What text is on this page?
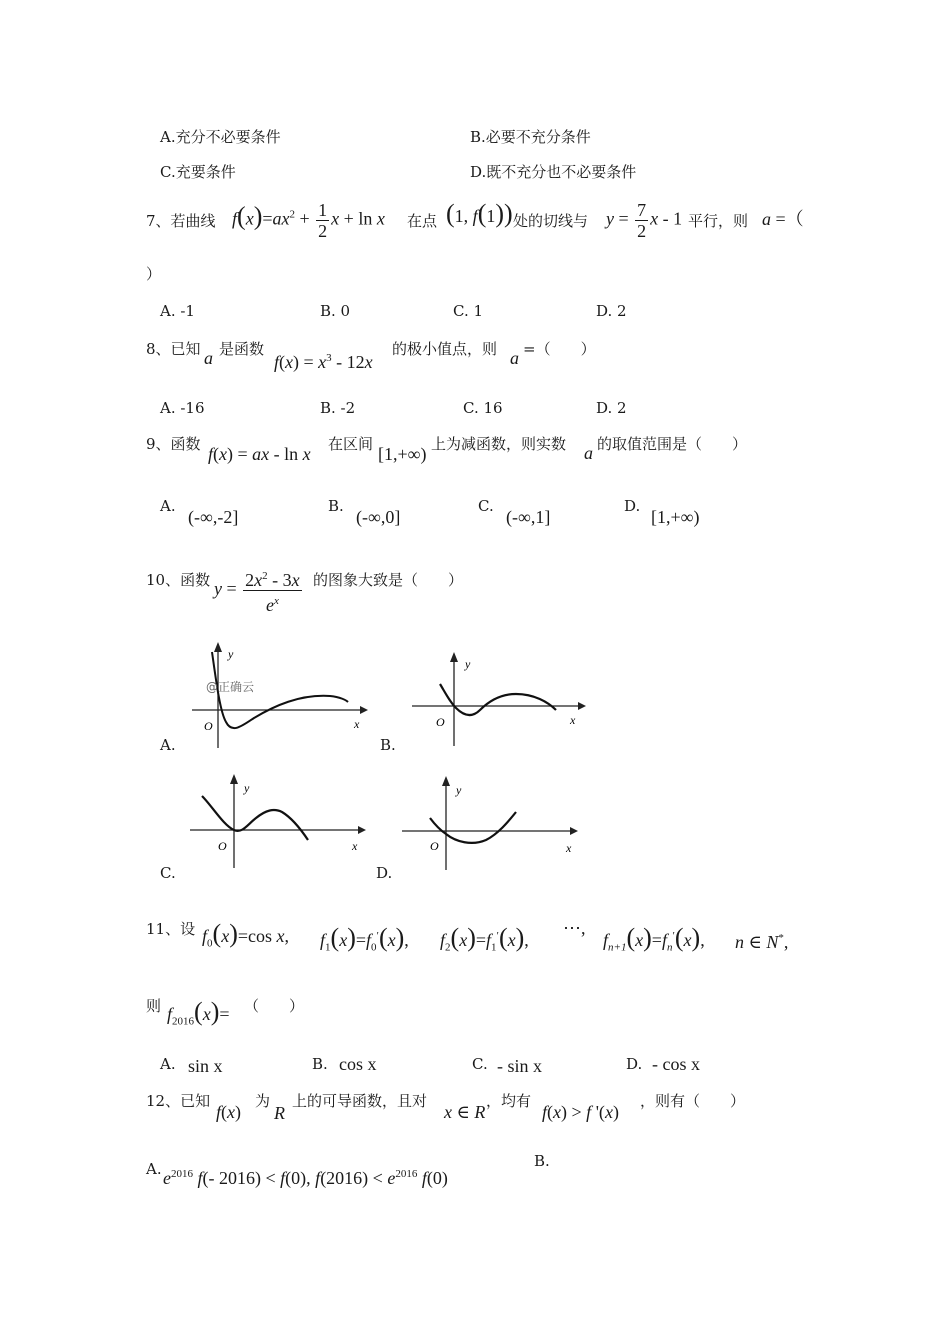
A.充分不必要条件	B.必要不充分条件
C.充要条件	D.既不充分也不必要条件
7、若曲线 $f(x)=ax^2 + \frac{1}{2}$ x + ln x 在点 (1, f(1)) 处的切线与 $y = \frac{7}{2}$ x - 1 平行，则 a =（
）
A. -1	B. 0	C. 1	D. 2
8、已知 a 是函数
$f(x) = x^3 - 12x$
的极小值点，则 a =（　　）
A. -16	B. -2	C. 16	D. 2
9、函数 f(x) = ax - ln x 在区间 [1,+∞) 上为减函数，则实数 a 的取值范围是（　　）
A.
(-∞,-2]
B.
(-∞,0]
C.
(-∞,1]
D.
[1,+∞)
10、函数 $y = \frac{2x^2 - 3x}{e^x}$ 的图象大致是（　　）
A.	B.
C.	D.
y
x
O
@正确云
y
x
O
y
x
O
y
x
O
11、设 $f_0(x)=\cos$ x, $f_1(x)=f_0'(x)$, $f_2(x)=f_1'(x)$,
⋯,
$f_{n+1}(x)=f_n'(x)$, n ∈ N*,
则 $f_{2016}(x)=$ （　　）
A. sin x	B. cos x	C. - sin x	D. - cos x
12、已知
f(x)
为
R
上的可导函数，且对
x ∈ R
，均有
f(x) > f '(x)
，则有（　　）
A. $e^{2016}$ f(- 2016) < f(0), $f(2016) < e^{2016}$ f(0)
B.
